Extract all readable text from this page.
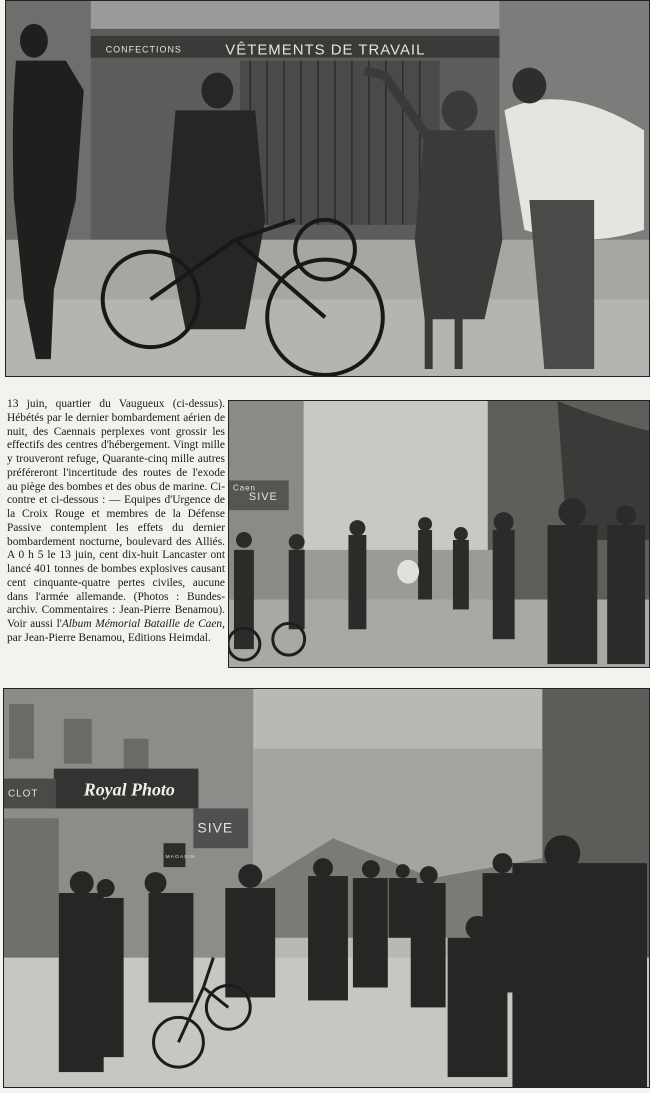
CONFECTIONS	VÊTEMENTS DE TRAVAIL
13 juin, quartier du Vaugueux (ci-dessus). Hébétés par le dernier bombardement aérien de nuit, des Caennais perplexes vont grossir les effectifs des centres d'hébergement. Vingt mille y trouveront refuge, Quarante-cinq mille autres préféreront l'incertitude des routes de l'exode au piège des bombes et des obus de marine. Ci-contre et ci-dessous : — Equipes d'Urgence de la Croix Rouge et membres de la Défense Passive contemplent les effets du dernier bombardement nocturne, boulevard des Alliés. A 0 h 5 le 13 juin, cent dix-huit Lancaster ont lancé 401 tonnes de bombes explosives causant cent cinquante-quatre pertes civiles, aucune dans l'armée allemande. (Photos : Bundes-archiv. Commentaires : Jean-Pierre Benamou). Voir aussi l'Album Mémorial Bataille de Caen, par Jean-Pierre Benamou, Editions Heimdal.
SIVE
Caen
Royal Photo
SIVE
CLOT
MAGASIN
